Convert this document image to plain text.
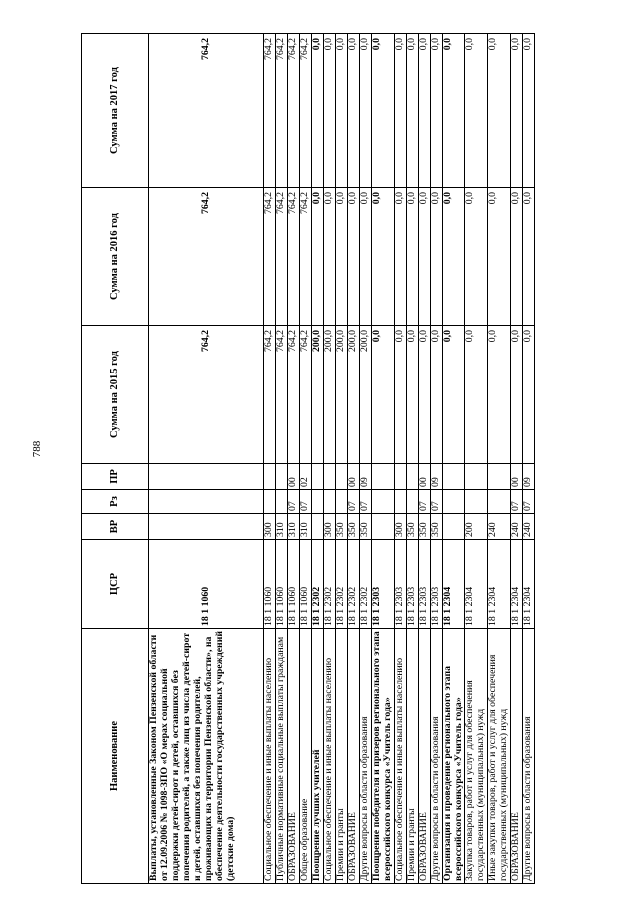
788
Наименование	ЦСР	ВР	Рз	ПР	Сумма на 2015 год	Сумма на 2016 год	Сумма на 2017 год
Выплаты, установленные Законом Пензенской области от 12.09.2006 № 1098-ЗПО «О мерах социальной поддержки детей-сирот и детей, оставшихся без попечения родителей, а также лиц из числа детей-сирот и детей, оставшихся без попечения родителей, проживающих на территории Пензенской области», на обеспечение деятельности государственных учреждений (детские дома)	18 1 1060				764,2	764,2	764,2
Социальное обеспечение и иные выплаты населению	18 1 1060	300			764,2	764,2	764,2
Публичные нормативные социальные выплаты гражданам	18 1 1060	310			764,2	764,2	764,2
ОБРАЗОВАНИЕ	18 1 1060	310	07	00	764,2	764,2	764,2
Общее образование	18 1 1060	310	07	02	764,2	764,2	764,2
Поощрение лучших учителей	18 1 2302				200,0	0,0	0,0
Социальное обеспечение и иные выплаты населению	18 1 2302	300			200,0	0,0	0,0
Премии и гранты	18 1 2302	350			200,0	0,0	0,0
ОБРАЗОВАНИЕ	18 1 2302	350	07	00	200,0	0,0	0,0
Другие вопросы в области образования	18 1 2302	350	07	09	200,0	0,0	0,0
Поощрение победителя и призеров регионального этапа всероссийского конкурса «Учитель года»	18 1 2303				0,0	0,0	0,0
Социальное обеспечение и иные выплаты населению	18 1 2303	300			0,0	0,0	0,0
Премии и гранты	18 1 2303	350			0,0	0,0	0,0
ОБРАЗОВАНИЕ	18 1 2303	350	07	00	0,0	0,0	0,0
Другие вопросы в области образования	18 1 2303	350	07	09	0,0	0,0	0,0
Организация и проведение регионального этапа всероссийского конкурса «Учитель года»	18 1 2304				0,0	0,0	0,0
Закупка товаров, работ и услуг для обеспечения государственных (муниципальных) нужд	18 1 2304	200			0,0	0,0	0,0
Иные закупки товаров, работ и услуг для обеспечения государственных (муниципальных) нужд	18 1 2304	240			0,0	0,0	0,0
ОБРАЗОВАНИЕ	18 1 2304	240	07	00	0,0	0,0	0,0
Другие вопросы в области образования	18 1 2304	240	07	09	0,0	0,0	0,0
